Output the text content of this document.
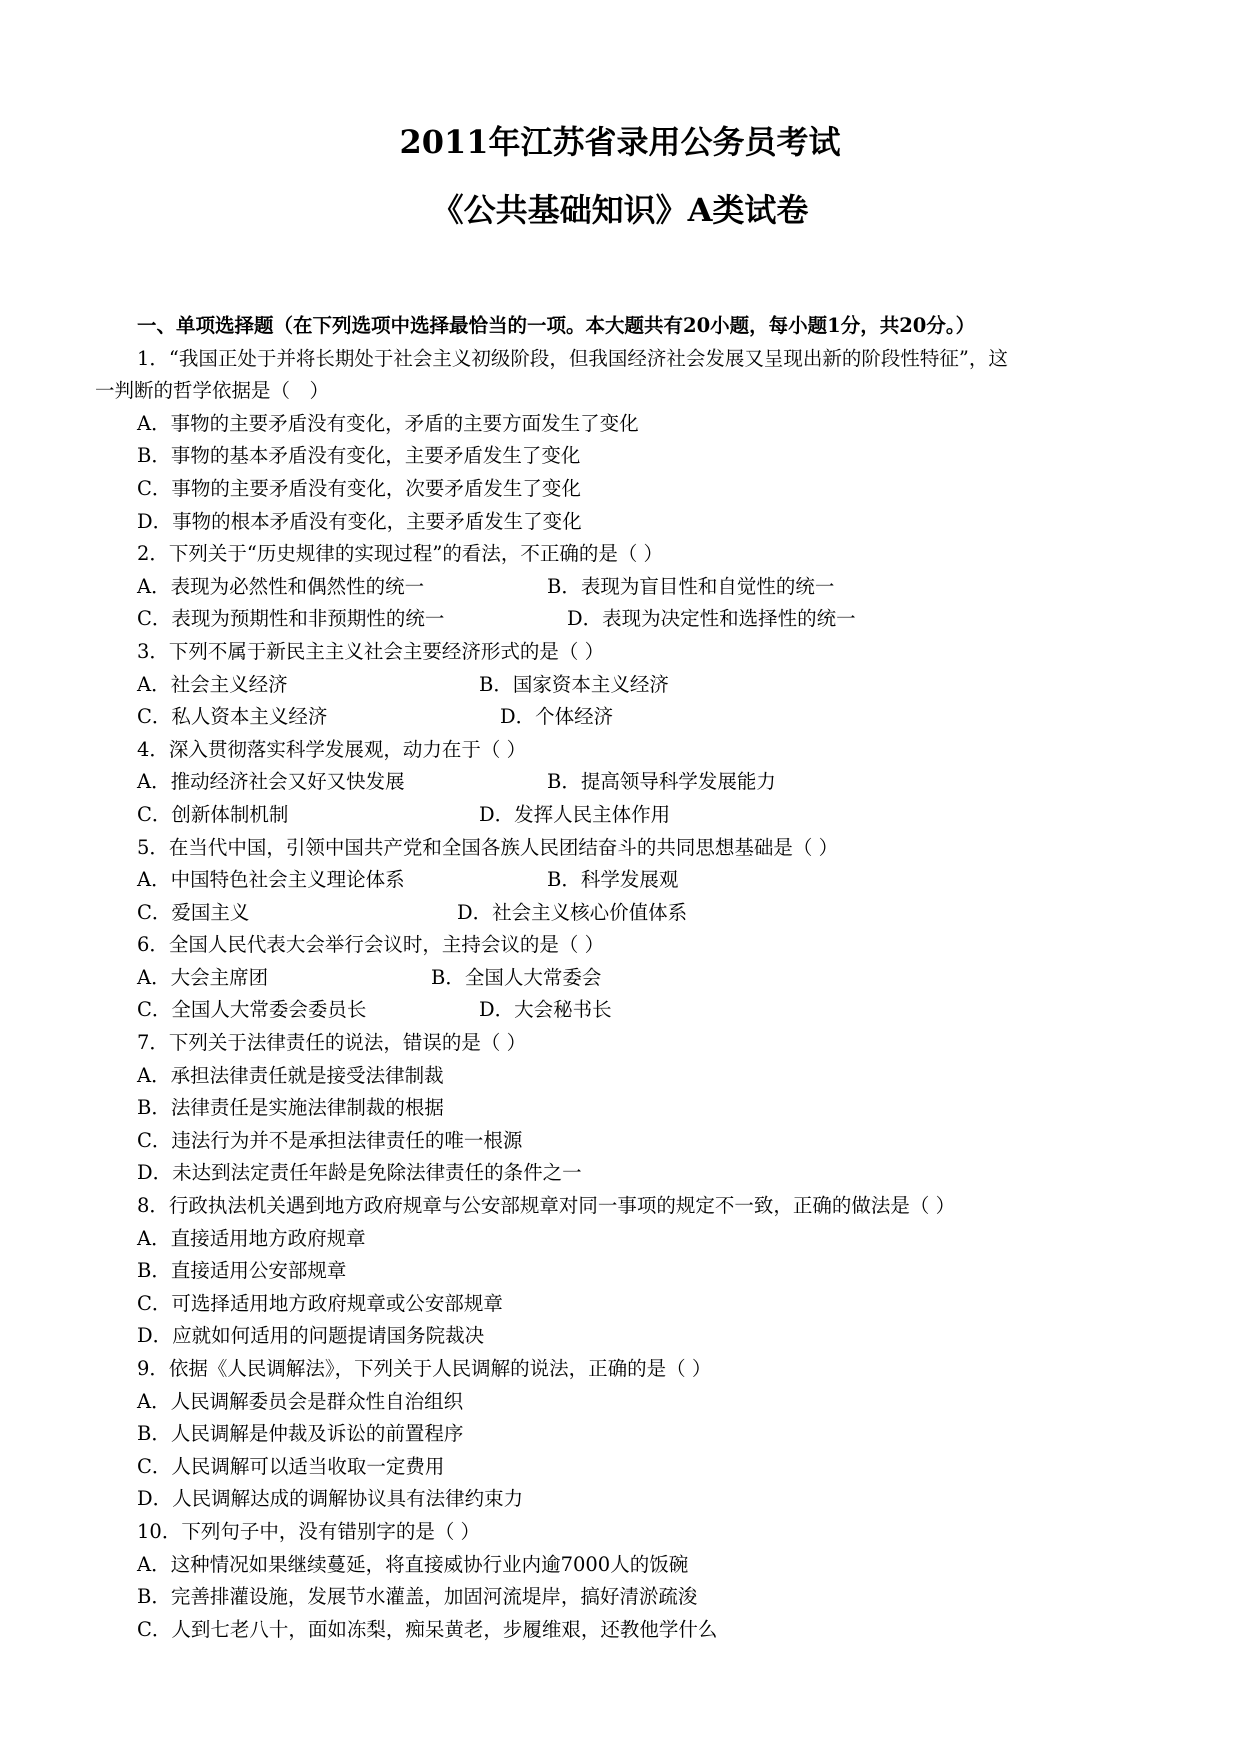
2011年江苏省录用公务员考试
《公共基础知识》A类试卷
一、单项选择题（在下列选项中选择最恰当的一项。本大题共有20小题，每小题1分，共20分。）
1．“我国正处于并将长期处于社会主义初级阶段，但我国经济社会发展又呈现出新的阶段性特征”，这
一判断的哲学依据是（　）
A．事物的主要矛盾没有变化，矛盾的主要方面发生了变化
B．事物的基本矛盾没有变化，主要矛盾发生了变化
C．事物的主要矛盾没有变化，次要矛盾发生了变化
D．事物的根本矛盾没有变化，主要矛盾发生了变化
2．下列关于“历史规律的实现过程”的看法，不正确的是（ ）
A．表现为必然性和偶然性的统一	B．表现为盲目性和自觉性的统一
C．表现为预期性和非预期性的统一	D．表现为决定性和选择性的统一
3．下列不属于新民主主义社会主要经济形式的是（ ）
A．社会主义经济	B．国家资本主义经济
C．私人资本主义经济	D．个体经济
4．深入贯彻落实科学发展观，动力在于（ ）
A．推动经济社会又好又快发展	B．提高领导科学发展能力
C．创新体制机制	D．发挥人民主体作用
5．在当代中国，引领中国共产党和全国各族人民团结奋斗的共同思想基础是（ ）
A．中国特色社会主义理论体系	B．科学发展观
C．爱国主义	D．社会主义核心价值体系
6．全国人民代表大会举行会议时，主持会议的是（ ）
A．大会主席团	B．全国人大常委会
C．全国人大常委会委员长	D．大会秘书长
7．下列关于法律责任的说法，错误的是（ ）
A．承担法律责任就是接受法律制裁
B．法律责任是实施法律制裁的根据
C．违法行为并不是承担法律责任的唯一根源
D．未达到法定责任年龄是免除法律责任的条件之一
8．行政执法机关遇到地方政府规章与公安部规章对同一事项的规定不一致，正确的做法是（ ）
A．直接适用地方政府规章
B．直接适用公安部规章
C．可选择适用地方政府规章或公安部规章
D．应就如何适用的问题提请国务院裁决
9．依据《人民调解法》，下列关于人民调解的说法，正确的是（ ）
A．人民调解委员会是群众性自治组织
B．人民调解是仲裁及诉讼的前置程序
C．人民调解可以适当收取一定费用
D．人民调解达成的调解协议具有法律约束力
10．下列句子中，没有错别字的是（ ）
A．这种情况如果继续蔓延，将直接威协行业内逾7000人的饭碗
B．完善排灌设施，发展节水灌盖，加固河流堤岸，搞好清淤疏浚
C．人到七老八十，面如冻梨，痴呆黄老，步履维艰，还教他学什么
